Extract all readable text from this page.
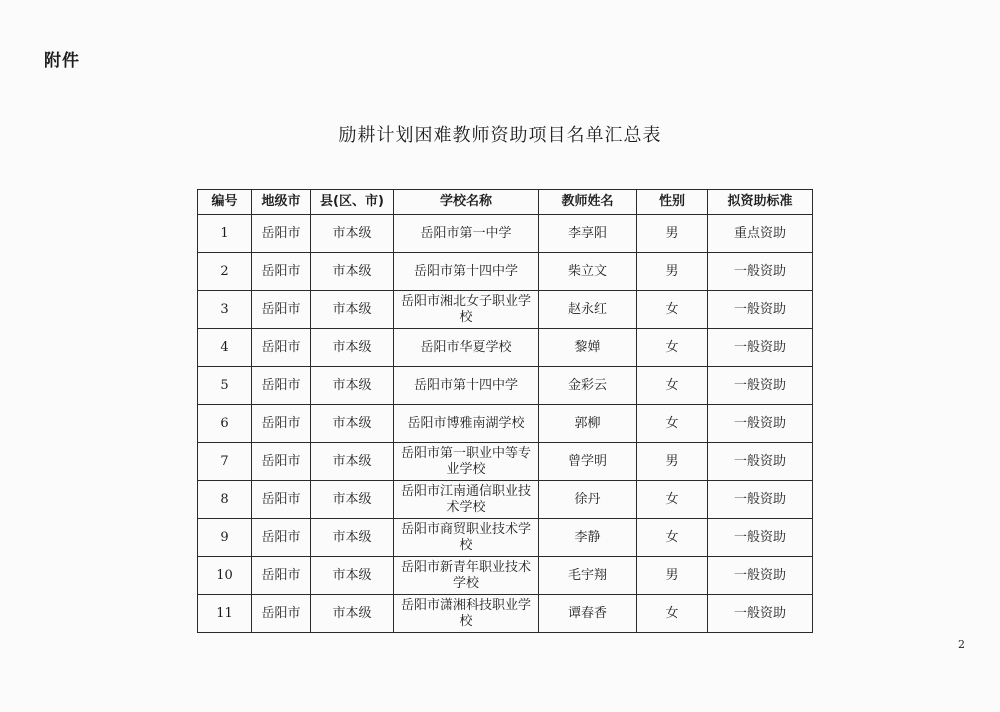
附件
励耕计划困难教师资助项目名单汇总表
编号	地级市	县(区、市)	学校名称	教师姓名	性别	拟资助标准
1	岳阳市	市本级	岳阳市第一中学	李享阳	男	重点资助
2	岳阳市	市本级	岳阳市第十四中学	柴立文	男	一般资助
3	岳阳市	市本级	岳阳市湘北女子职业学校	赵永红	女	一般资助
4	岳阳市	市本级	岳阳市华夏学校	黎婵	女	一般资助
5	岳阳市	市本级	岳阳市第十四中学	金彩云	女	一般资助
6	岳阳市	市本级	岳阳市博雅南湖学校	郭柳	女	一般资助
7	岳阳市	市本级	岳阳市第一职业中等专业学校	曾学明	男	一般资助
8	岳阳市	市本级	岳阳市江南通信职业技术学校	徐丹	女	一般资助
9	岳阳市	市本级	岳阳市商贸职业技术学校	李静	女	一般资助
10	岳阳市	市本级	岳阳市新青年职业技术学校	毛宇翔	男	一般资助
11	岳阳市	市本级	岳阳市潇湘科技职业学校	谭春香	女	一般资助
2
